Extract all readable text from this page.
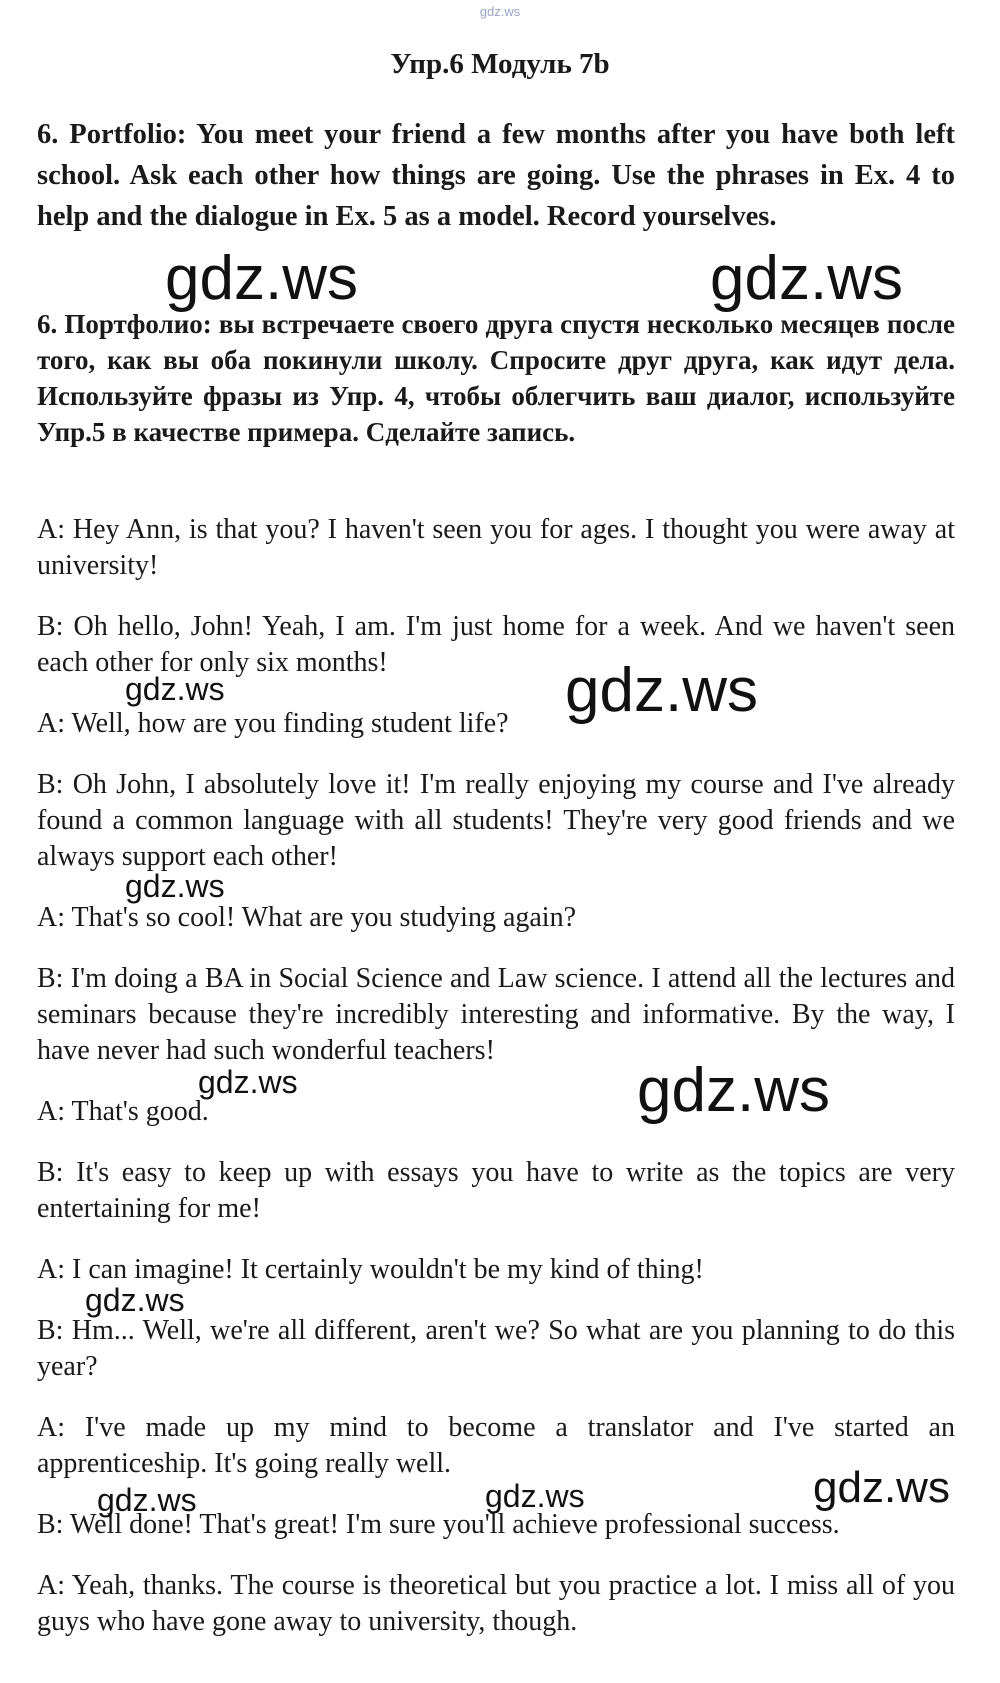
gdz.ws
Упр.6 Модуль 7b
6. Portfolio: You meet your friend a few months after you have both left school. Ask each other how things are going. Use the phrases in Ex. 4 to help and the dialogue in Ex. 5 as a model. Record yourselves.
6. Портфолио: вы встречаете своего друга спустя несколько месяцев после того, как вы оба покинули школу. Спросите друг друга, как идут дела. Используйте фразы из Упр. 4, чтобы облегчить ваш диалог, используйте Упр.5 в качестве примера. Сделайте запись.

A: Hey Ann, is that you? I haven't seen you for ages. I thought you were away at university!

B: Oh hello, John! Yeah, I am. I'm just home for a week. And we haven't seen each other for only six months!

A: Well, how are you finding student life?

B: Oh John, I absolutely love it! I'm really enjoying my course and I've already found a common language with all students! They're very good friends and we always support each other!

A: That's so cool! What are you studying again?

B: I'm doing a BA in Social Science and Law science. I attend all the lectures and seminars because they're incredibly interesting and informative. By the way, I have never had such wonderful teachers!

A: That's good.

B: It's easy to keep up with essays you have to write as the topics are very entertaining for me!

A: I can imagine! It certainly wouldn't be my kind of thing!

B: Hm... Well, we're all different, aren't we? So what are you planning to do this year?

A: I've made up my mind to become a translator and I've started an apprenticeship. It's going really well.

B: Well done! That's great! I'm sure you'll achieve professional success.

A: Yeah, thanks. The course is theoretical but you practice a lot. I miss all of you guys who have gone away to university, though.

gdz.ws	gdz.ws
gdz.ws	gdz.ws
gdz.ws
gdz.ws	gdz.ws
gdz.ws
gdz.ws	gdz.ws	gdz.ws
